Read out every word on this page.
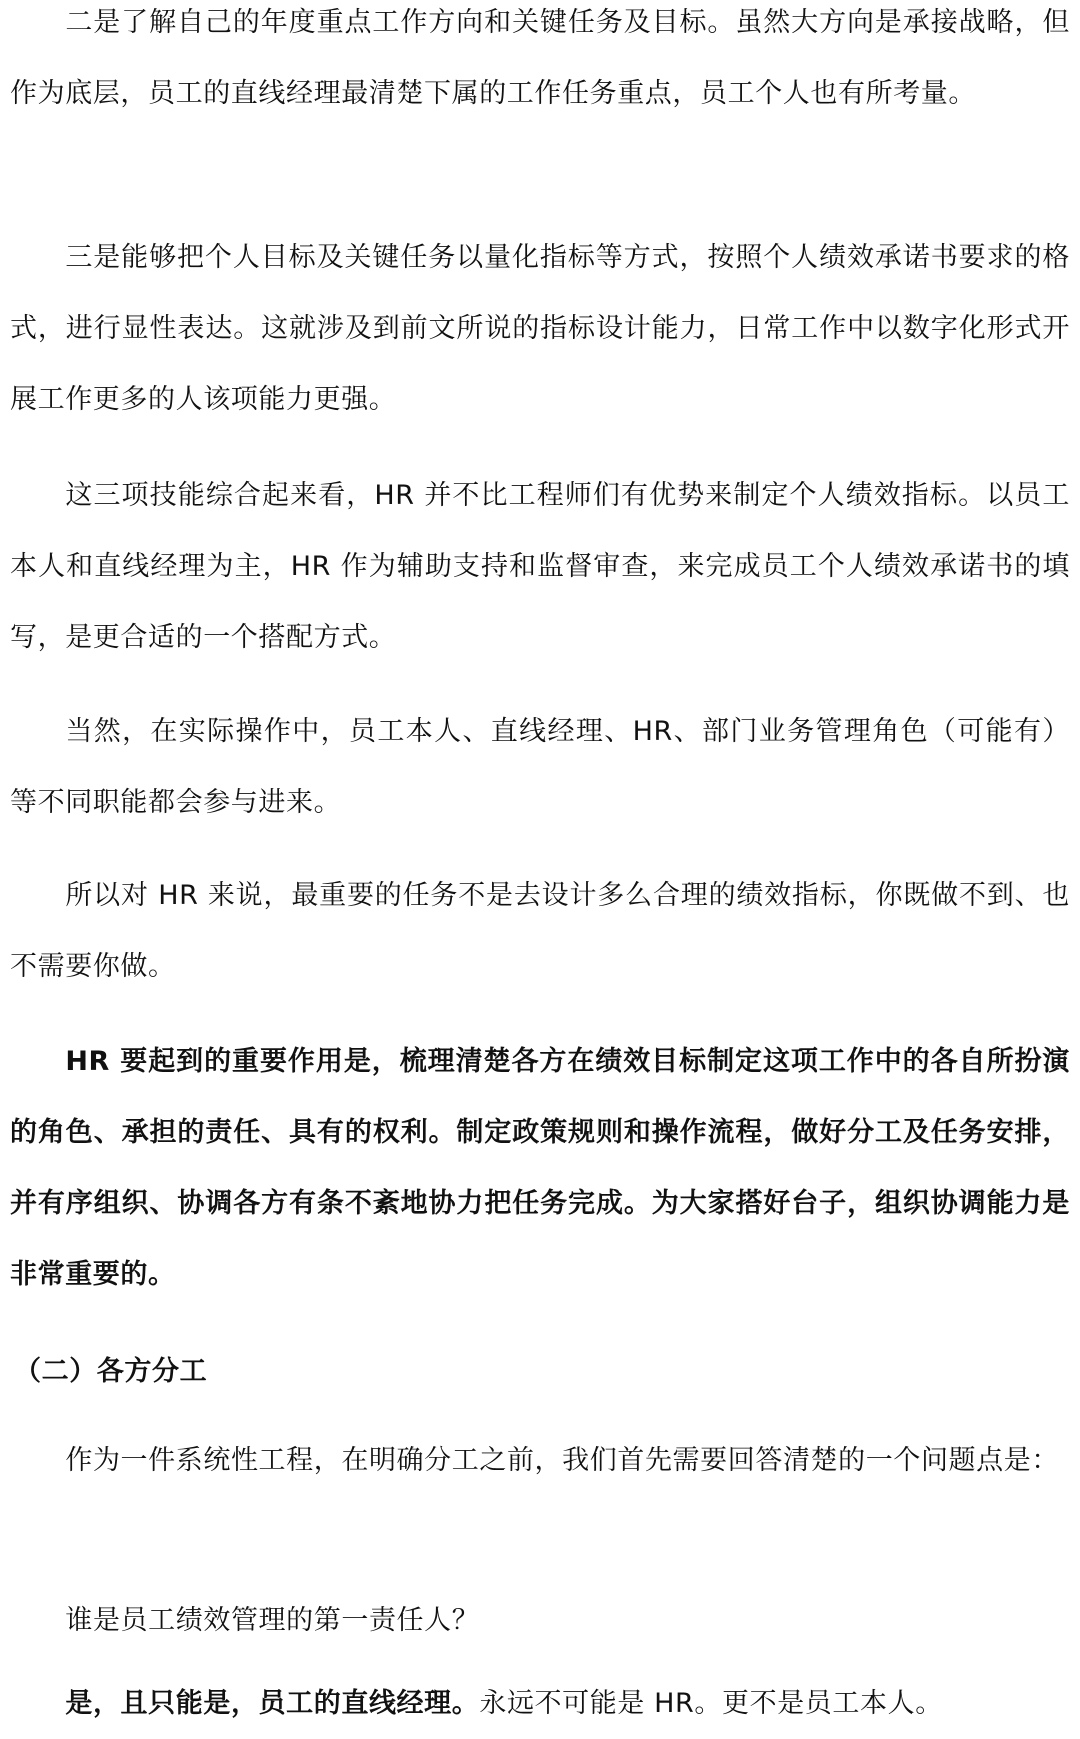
二是了解自己的年度重点工作方向和关键任务及目标。虽然大方向是承接战略，但作为底层，员工的直线经理最清楚下属的工作任务重点，员工个人也有所考量。

三是能够把个人目标及关键任务以量化指标等方式，按照个人绩效承诺书要求的格式，进行显性表达。这就涉及到前文所说的指标设计能力，日常工作中以数字化形式开展工作更多的人该项能力更强。

这三项技能综合起来看，HR 并不比工程师们有优势来制定个人绩效指标。以员工本人和直线经理为主，HR 作为辅助支持和监督审查，来完成员工个人绩效承诺书的填写，是更合适的一个搭配方式。

当然，在实际操作中，员工本人、直线经理、HR、部门业务管理角色（可能有）等不同职能都会参与进来。

所以对 HR 来说，最重要的任务不是去设计多么合理的绩效指标，你既做不到、也不需要你做。

HR 要起到的重要作用是，梳理清楚各方在绩效目标制定这项工作中的各自所扮演的角色、承担的责任、具有的权利。制定政策规则和操作流程，做好分工及任务安排，并有序组织、协调各方有条不紊地协力把任务完成。为大家搭好台子，组织协调能力是非常重要的。

（二）各方分工

作为一件系统性工程，在明确分工之前，我们首先需要回答清楚的一个问题点是：

谁是员工绩效管理的第一责任人？

是，且只能是，员工的直线经理。永远不可能是 HR。更不是员工本人。
